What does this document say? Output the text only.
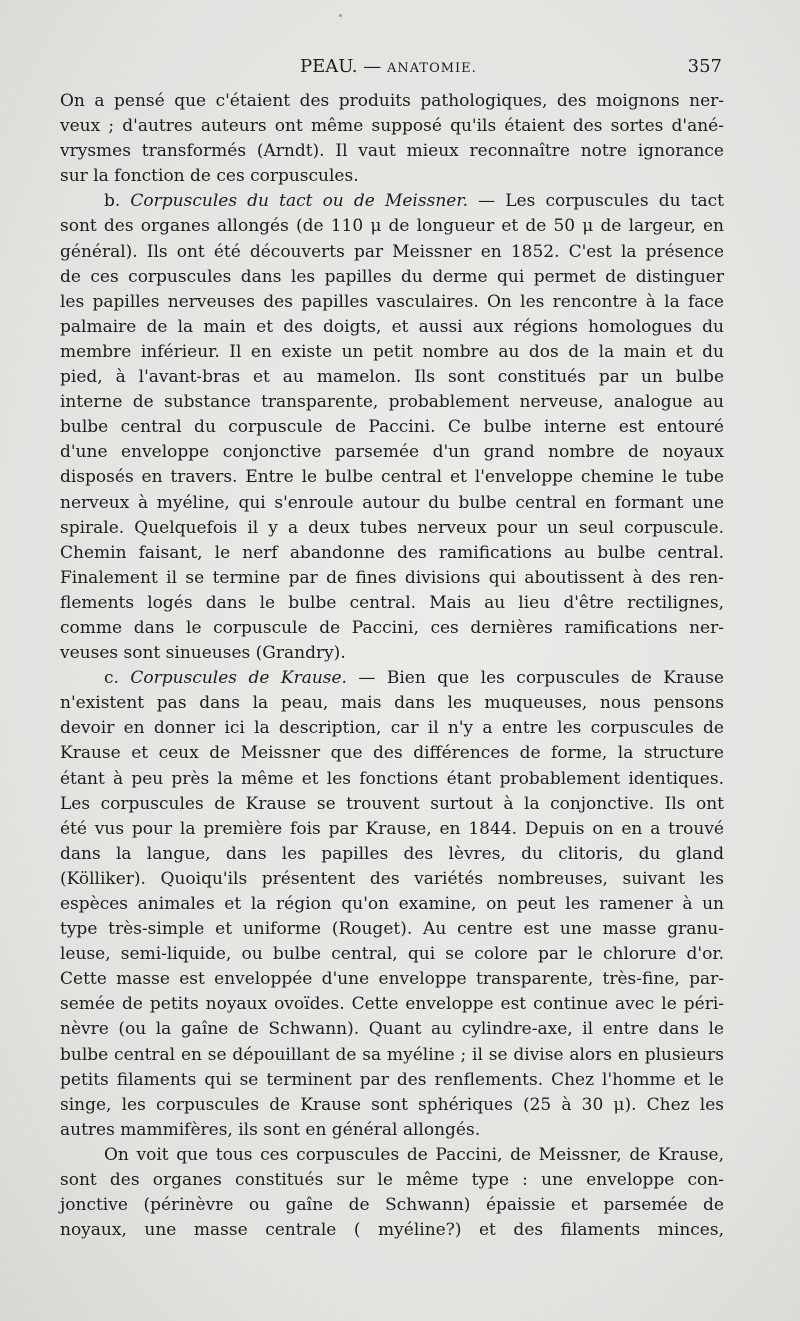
PEAU. — ANATOMIE.	357
On a pensé que c'étaient des produits pathologiques, des moignons ner-
veux ; d'autres auteurs ont même supposé qu'ils étaient des sortes d'ané-
vrysmes transformés (Arndt). Il vaut mieux reconnaître notre ignorance
sur la fonction de ces corpuscules.
b. Corpuscules du tact ou de Meissner. — Les corpuscules du tact
sont des organes allongés (de 110 μ de longueur et de 50 μ de largeur, en
général). Ils ont été découverts par Meissner en 1852. C'est la présence
de ces corpuscules dans les papilles du derme qui permet de distinguer
les papilles nerveuses des papilles vasculaires. On les rencontre à la face
palmaire de la main et des doigts, et aussi aux régions homologues du
membre inférieur. Il en existe un petit nombre au dos de la main et du
pied, à l'avant-bras et au mamelon. Ils sont constitués par un bulbe
interne de substance transparente, probablement nerveuse, analogue au
bulbe central du corpuscule de Paccini. Ce bulbe interne est entouré
d'une enveloppe conjonctive parsemée d'un grand nombre de noyaux
disposés en travers. Entre le bulbe central et l'enveloppe chemine le tube
nerveux à myéline, qui s'enroule autour du bulbe central en formant une
spirale. Quelquefois il y a deux tubes nerveux pour un seul corpuscule.
Chemin faisant, le nerf abandonne des ramifications au bulbe central.
Finalement il se termine par de fines divisions qui aboutissent à des ren-
flements logés dans le bulbe central. Mais au lieu d'être rectilignes,
comme dans le corpuscule de Paccini, ces dernières ramifications ner-
veuses sont sinueuses (Grandry).
c. Corpuscules de Krause. — Bien que les corpuscules de Krause
n'existent pas dans la peau, mais dans les muqueuses, nous pensons
devoir en donner ici la description, car il n'y a entre les corpuscules de
Krause et ceux de Meissner que des différences de forme, la structure
étant à peu près la même et les fonctions étant probablement identiques.
Les corpuscules de Krause se trouvent surtout à la conjonctive. Ils ont
été vus pour la première fois par Krause, en 1844. Depuis on en a trouvé
dans la langue, dans les papilles des lèvres, du clitoris, du gland
(Kölliker). Quoiqu'ils présentent des variétés nombreuses, suivant les
espèces animales et la région qu'on examine, on peut les ramener à un
type très-simple et uniforme (Rouget). Au centre est une masse granu-
leuse, semi-liquide, ou bulbe central, qui se colore par le chlorure d'or.
Cette masse est enveloppée d'une enveloppe transparente, très-fine, par-
semée de petits noyaux ovoïdes. Cette enveloppe est continue avec le péri-
nèvre (ou la gaîne de Schwann). Quant au cylindre-axe, il entre dans le
bulbe central en se dépouillant de sa myéline ; il se divise alors en plusieurs
petits filaments qui se terminent par des renflements. Chez l'homme et le
singe, les corpuscules de Krause sont sphériques (25 à 30 μ). Chez les
autres mammifères, ils sont en général allongés.
On voit que tous ces corpuscules de Paccini, de Meissner, de Krause,
sont des organes constitués sur le même type : une enveloppe con-
jonctive (périnèvre ou gaîne de Schwann) épaissie et parsemée de
noyaux, une masse centrale ( myéline?) et des filaments minces,
